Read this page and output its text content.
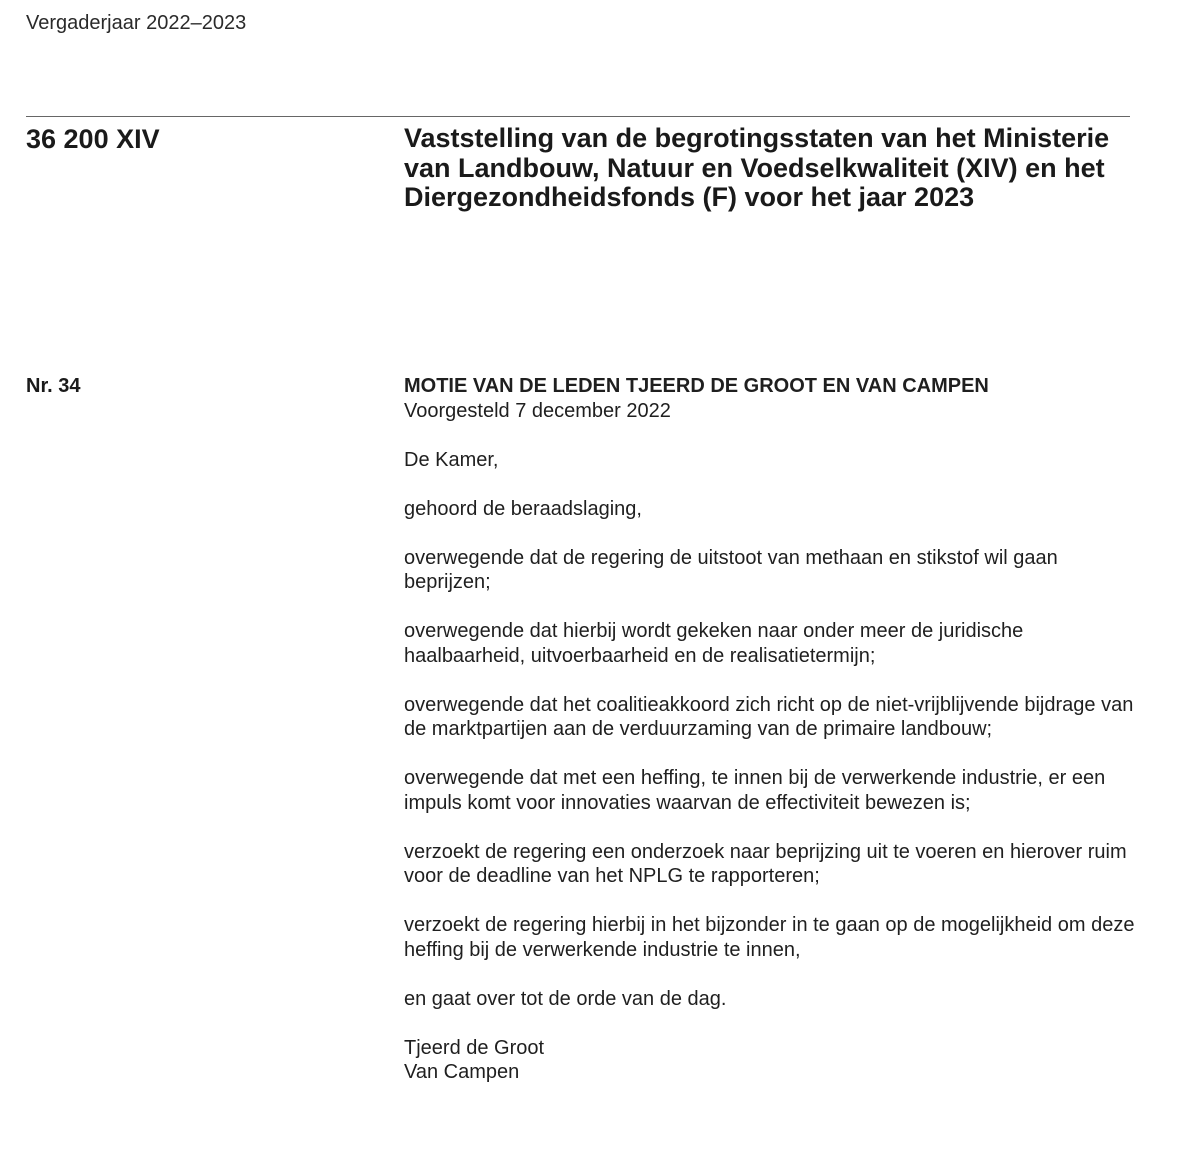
Vergaderjaar 2022–2023
36 200 XIV	Vaststelling van de begrotingsstaten van het Ministerie van Landbouw, Natuur en Voedselkwaliteit (XIV) en het Diergezondheidsfonds (F) voor het jaar 2023
Nr. 34	MOTIE VAN DE LEDEN TJEERD DE GROOT EN VAN CAMPEN

Voorgesteld 7 december 2022

De Kamer,

gehoord de beraadslaging,

overwegende dat de regering de uitstoot van methaan en stikstof wil gaan beprijzen;

overwegende dat hierbij wordt gekeken naar onder meer de juridische haalbaarheid, uitvoerbaarheid en de realisatietermijn;

overwegende dat het coalitieakkoord zich richt op de niet-vrijblijvende bijdrage van de marktpartijen aan de verduurzaming van de primaire landbouw;

overwegende dat met een heffing, te innen bij de verwerkende industrie, er een impuls komt voor innovaties waarvan de effectiviteit bewezen is;

verzoekt de regering een onderzoek naar beprijzing uit te voeren en hierover ruim voor de deadline van het NPLG te rapporteren;

verzoekt de regering hierbij in het bijzonder in te gaan op de mogelijkheid om deze heffing bij de verwerkende industrie te innen,

en gaat over tot de orde van de dag.

Tjeerd de Groot
Van Campen
